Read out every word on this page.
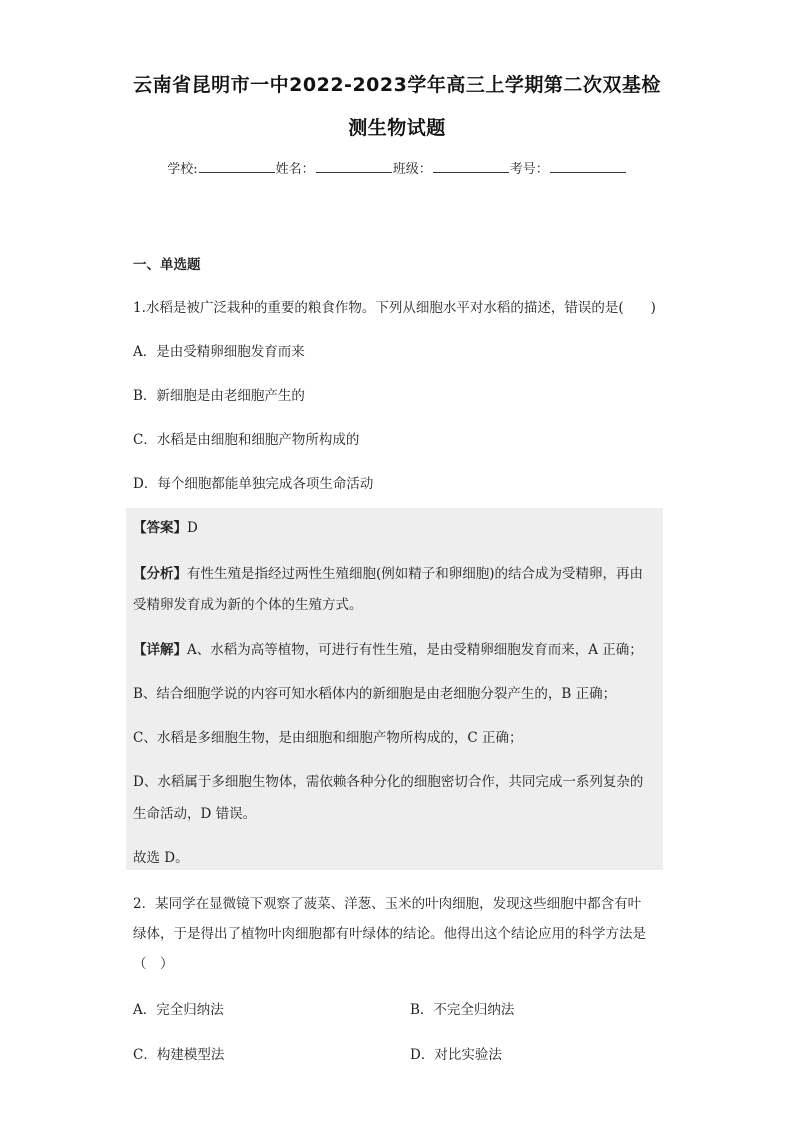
云南省昆明市一中2022-2023学年高三上学期第二次双基检
测生物试题
学校:	姓名：	班级：	考号：
一、单选题
1.水稻是被广泛栽种的重要的粮食作物。下列从细胞水平对水稻的描述，错误的是(　　)
A．是由受精卵细胞发育而来
B．新细胞是由老细胞产生的
C．水稻是由细胞和细胞产物所构成的
D．每个细胞都能单独完成各项生命活动
【答案】D
【分析】有性生殖是指经过两性生殖细胞(例如精子和卵细胞)的结合成为受精卵，再由
受精卵发育成为新的个体的生殖方式。
【详解】A、水稻为高等植物，可进行有性生殖，是由受精卵细胞发育而来，A 正确；
B、结合细胞学说的内容可知水稻体内的新细胞是由老细胞分裂产生的，B 正确；
C、水稻是多细胞生物，是由细胞和细胞产物所构成的，C 正确；
D、水稻属于多细胞生物体，需依赖各种分化的细胞密切合作，共同完成一系列复杂的
生命活动，D 错误。
故选 D。
2．某同学在显微镜下观察了菠菜、洋葱、玉米的叶肉细胞，发现这些细胞中都含有叶
绿体，于是得出了植物叶肉细胞都有叶绿体的结论。他得出这个结论应用的科学方法是
（　）
A．完全归纳法	B．不完全归纳法
C．构建模型法	D．对比实验法
